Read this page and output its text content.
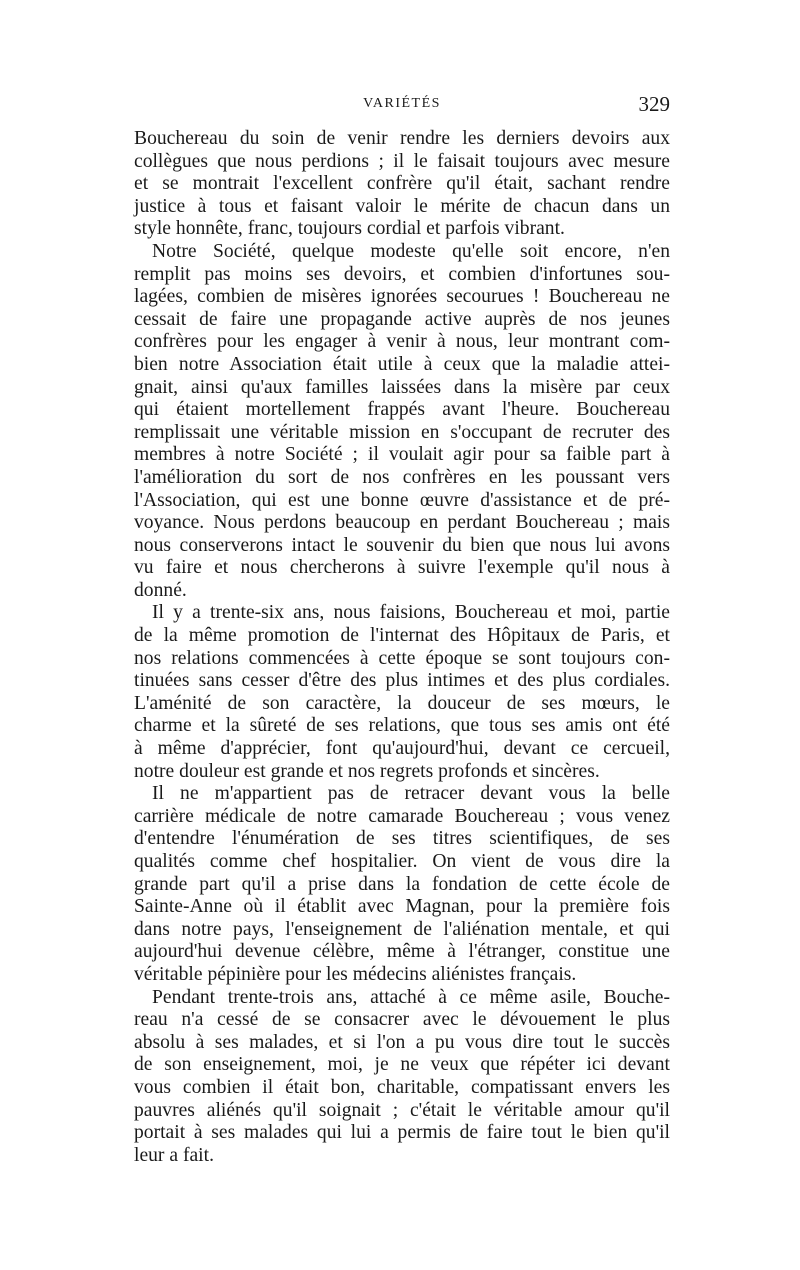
VARIÉTÉS	329
Bouchereau du soin de venir rendre les derniers devoirs aux
collègues que nous perdions ; il le faisait toujours avec mesure
et se montrait l'excellent confrère qu'il était, sachant rendre
justice à tous et faisant valoir le mérite de chacun dans un
style honnête, franc, toujours cordial et parfois vibrant.
Notre Société, quelque modeste qu'elle soit encore, n'en
remplit pas moins ses devoirs, et combien d'infortunes sou-
lagées, combien de misères ignorées secourues ! Bouchereau ne
cessait de faire une propagande active auprès de nos jeunes
confrères pour les engager à venir à nous, leur montrant com-
bien notre Association était utile à ceux que la maladie attei-
gnait, ainsi qu'aux familles laissées dans la misère par ceux
qui étaient mortellement frappés avant l'heure. Bouchereau
remplissait une véritable mission en s'occupant de recruter des
membres à notre Société ; il voulait agir pour sa faible part à
l'amélioration du sort de nos confrères en les poussant vers
l'Association, qui est une bonne œuvre d'assistance et de pré-
voyance. Nous perdons beaucoup en perdant Bouchereau ; mais
nous conserverons intact le souvenir du bien que nous lui avons
vu faire et nous chercherons à suivre l'exemple qu'il nous à
donné.
Il y a trente-six ans, nous faisions, Bouchereau et moi, partie
de la même promotion de l'internat des Hôpitaux de Paris, et
nos relations commencées à cette époque se sont toujours con-
tinuées sans cesser d'être des plus intimes et des plus cordiales.
L'aménité de son caractère, la douceur de ses mœurs, le
charme et la sûreté de ses relations, que tous ses amis ont été
à même d'apprécier, font qu'aujourd'hui, devant ce cercueil,
notre douleur est grande et nos regrets profonds et sincères.
Il ne m'appartient pas de retracer devant vous la belle
carrière médicale de notre camarade Bouchereau ; vous venez
d'entendre l'énumération de ses titres scientifiques, de ses
qualités comme chef hospitalier. On vient de vous dire la
grande part qu'il a prise dans la fondation de cette école de
Sainte-Anne où il établit avec Magnan, pour la première fois
dans notre pays, l'enseignement de l'aliénation mentale, et qui
aujourd'hui devenue célèbre, même à l'étranger, constitue une
véritable pépinière pour les médecins aliénistes français.
Pendant trente-trois ans, attaché à ce même asile, Bouche-
reau n'a cessé de se consacrer avec le dévouement le plus
absolu à ses malades, et si l'on a pu vous dire tout le succès
de son enseignement, moi, je ne veux que répéter ici devant
vous combien il était bon, charitable, compatissant envers les
pauvres aliénés qu'il soignait ; c'était le véritable amour qu'il
portait à ses malades qui lui a permis de faire tout le bien qu'il
leur a fait.
